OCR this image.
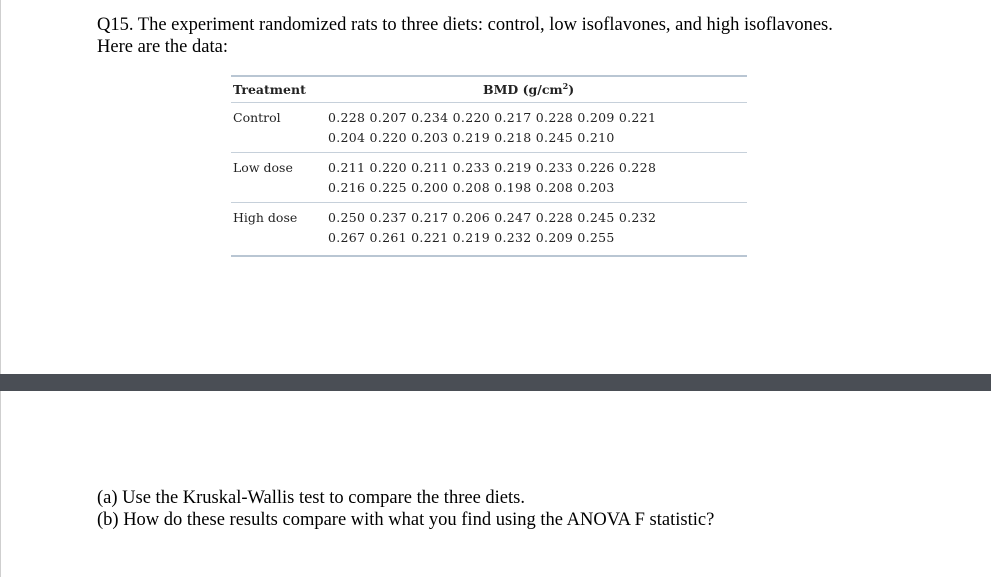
Q15. The experiment randomized rats to three diets: control, low isoflavones, and high isoflavones.
Here are the data:
Treatment	BMD $(g/cm^2)$
Control	0.228 0.207 0.234 0.220 0.217 0.228 0.209 0.221
0.204 0.220 0.203 0.219 0.218 0.245 0.210
Low dose	0.211 0.220 0.211 0.233 0.219 0.233 0.226 0.228
0.216 0.225 0.200 0.208 0.198 0.208 0.203
High dose	0.250 0.237 0.217 0.206 0.247 0.228 0.245 0.232
0.267 0.261 0.221 0.219 0.232 0.209 0.255
(a) Use the Kruskal-Wallis test to compare the three diets.
(b) How do these results compare with what you find using the ANOVA F statistic?
